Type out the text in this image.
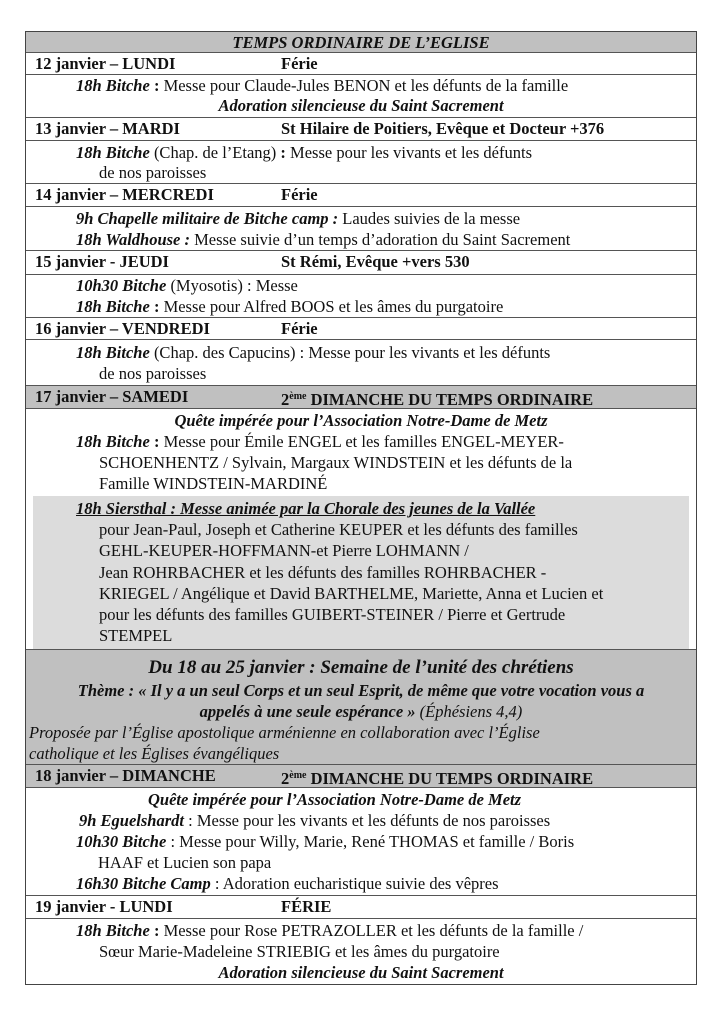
TEMPS ORDINAIRE DE L’EGLISE
12 janvier – LUNDI	Férie
18h Bitche : Messe pour Claude-Jules BENON et les défunts de la famille
Adoration silencieuse du Saint Sacrement
13 janvier – MARDI	St Hilaire de Poitiers, Evêque et Docteur +376
18h Bitche (Chap. de l’Etang) : Messe pour les vivants et les défunts
de nos paroisses
14 janvier – MERCREDI	Férie
9h Chapelle militaire de Bitche camp : Laudes suivies de la messe
18h Waldhouse : Messe suivie d’un temps d’adoration du Saint Sacrement
15 janvier - JEUDI	St Rémi, Evêque +vers 530
10h30 Bitche (Myosotis) : Messe
18h Bitche : Messe pour Alfred BOOS et les âmes du purgatoire
16 janvier – VENDREDI	Férie
18h Bitche (Chap. des Capucins) : Messe pour les vivants et les défunts
de nos paroisses
17 janvier – SAMEDI	2ème DIMANCHE DU TEMPS ORDINAIRE
Quête impérée pour l’Association Notre-Dame de Metz
18h Bitche : Messe pour Émile ENGEL et les familles ENGEL-MEYER-
SCHOENHENTZ / Sylvain, Margaux WINDSTEIN et les défunts de la
Famille WINDSTEIN-MARDINÉ
18h Siersthal : Messe animée par la Chorale des jeunes de la Vallée
pour Jean-Paul, Joseph et Catherine KEUPER et les défunts des familles
GEHL-KEUPER-HOFFMANN-et Pierre LOHMANN /
Jean ROHRBACHER et les défunts des familles ROHRBACHER -
KRIEGEL / Angélique et David BARTHELME, Mariette, Anna et Lucien et
pour les défunts des familles GUIBERT-STEINER / Pierre et Gertrude
STEMPEL
Du 18 au 25 janvier : Semaine de l’unité des chrétiens
Thème : « Il y a un seul Corps et un seul Esprit, de même que votre vocation vous a
appelés à une seule espérance » (Éphésiens 4,4)
Proposée par l’Église apostolique arménienne en collaboration avec l’Église
catholique et les Églises évangéliques
18 janvier – DIMANCHE	2ème DIMANCHE DU TEMPS ORDINAIRE
Quête impérée pour l’Association Notre-Dame de Metz
9h Eguelshardt : Messe pour les vivants et les défunts de nos paroisses
10h30 Bitche : Messe pour Willy, Marie, René THOMAS et famille / Boris
HAAF et Lucien son papa
16h30 Bitche Camp : Adoration eucharistique suivie des vêpres
19 janvier - LUNDI	FÉRIE
18h Bitche : Messe pour Rose PETRAZOLLER et les défunts de la famille /
Sœur Marie-Madeleine STRIEBIG et les âmes du purgatoire
Adoration silencieuse du Saint Sacrement
